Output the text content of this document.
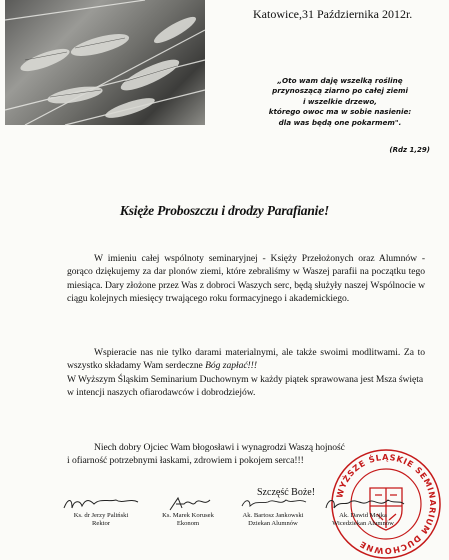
Katowice,31 Października 2012r.
„Oto wam daję wszelką roślinę
przynoszącą ziarno po całej ziemi
i wszelkie drzewo,
którego owoc ma w sobie nasienie:
dla was będą one pokarmem".
(Rdz 1,29)
Księże Proboszczu i drodzy Parafianie!
W imieniu całej wspólnoty seminaryjnej - Księży Przełożonych oraz Alumnów - gorąco dziękujemy za dar plonów ziemi, które zebraliśmy w Waszej parafii na początku tego miesiąca. Dary złożone przez Was z dobroci Waszych serc, będą służyły naszej Wspólnocie w ciągu kolejnych miesięcy trwającego roku formacyjnego i akademickiego.
Wspieracie nas nie tylko darami materialnymi, ale także swoimi modlitwami. Za to wszystko składamy Wam serdeczne Bóg zapłać!!!
W Wyższym Śląskim Seminarium Duchownym w każdy piątek sprawowana jest Msza święta w intencji naszych ofiarodawców i dobrodziejów.
Niech dobry Ojciec Wam błogosławi i wynagrodzi Waszą hojność
i ofiarność potrzebnymi łaskami, zdrowiem i pokojem serca!!!
Szczęść Boże! WYŻSZE ŚLĄSKIE SEMINARIUM DUCHOWNE
Ks. dr Jerzy Paliński
Rektor
Ks. Marek Korusek
Ekonom
Ak. Bartosz Jankowski
Dziekan Alumnów
Ak. Dawid Mojka
Wicedziekan Alumnów
